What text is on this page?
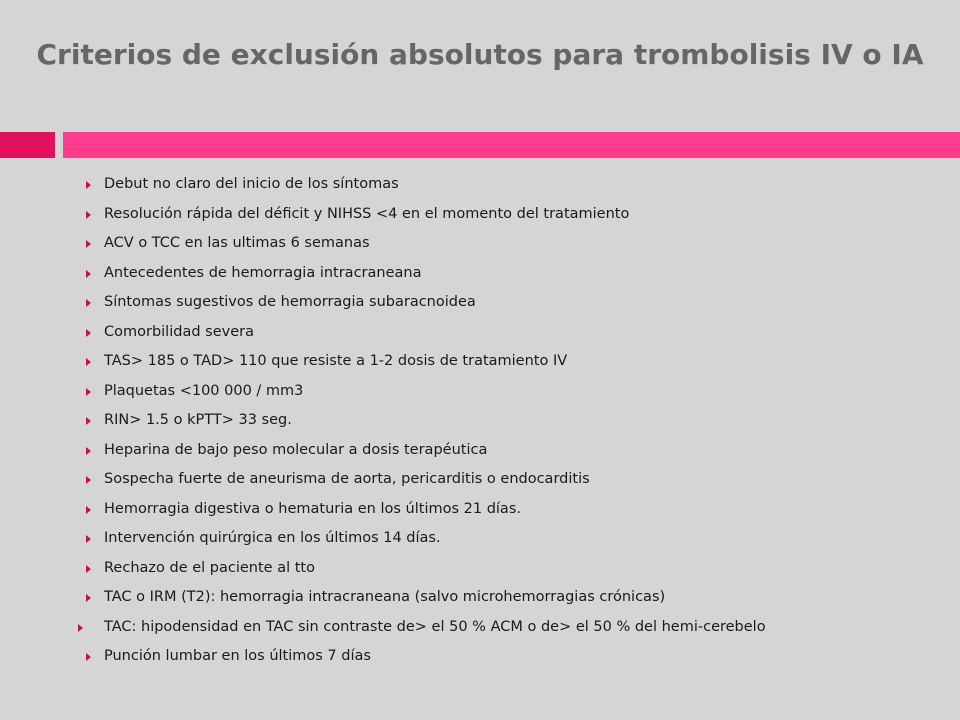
Criterios de exclusión absolutos para trombolisis IV o IA
Debut no claro del inicio de los síntomas
Resolución rápida del déficit y NIHSS <4 en el momento del tratamiento
ACV o TCC en las ultimas 6 semanas
Antecedentes de hemorragia intracraneana
Síntomas sugestivos de hemorragia subaracnoidea
Comorbilidad severa
TAS> 185 o TAD> 110 que resiste a 1-2 dosis de tratamiento IV
Plaquetas <100 000 / mm3
RIN> 1.5 o kPTT> 33 seg.
Heparina de bajo peso molecular a dosis terapéutica
Sospecha fuerte de aneurisma de aorta, pericarditis o endocarditis
Hemorragia digestiva o hematuria en los últimos 21 días.
Intervención quirúrgica en los últimos 14 días.
Rechazo de el paciente al tto
TAC o IRM (T2): hemorragia intracraneana (salvo microhemorragias crónicas)
TAC: hipodensidad en TAC sin contraste de> el 50 % ACM o de> el 50 % del hemi-cerebelo
Punción lumbar en los últimos 7 días
